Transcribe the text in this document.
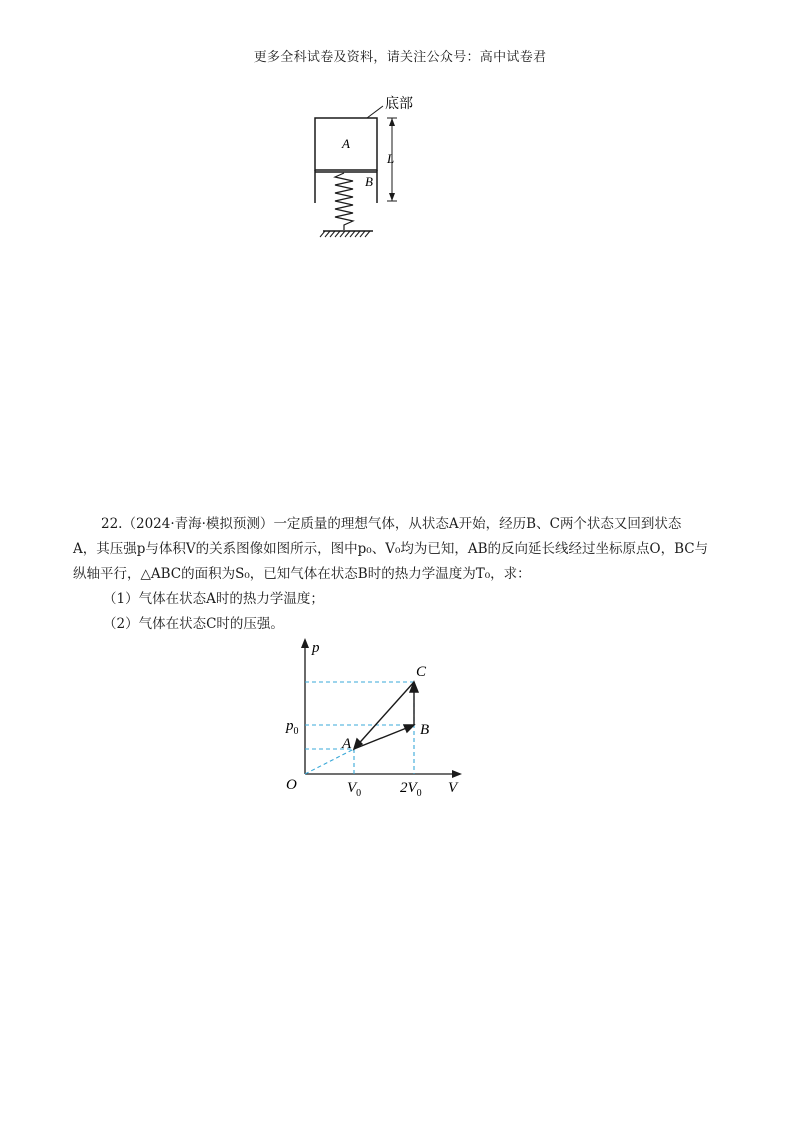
更多全科试卷及资料，请关注公众号：高中试卷君
底部
A
B
L

22.（2024·青海·模拟预测）一定质量的理想气体，从状态A开始，经历B、C两个状态又回到状态

A，其压强p与体积V的关系图像如图所示，图中p₀、V₀均为已知，AB的反向延长线经过坐标原点O，BC与

纵轴平行，△ABC的面积为S₀，已知气体在状态B时的热力学温度为T₀，求：

（1）气体在状态A时的热力学温度；

（2）气体在状态C时的压强。

p
V
O
$p_0$
$V_0$	$2V_0$
A
B
C
